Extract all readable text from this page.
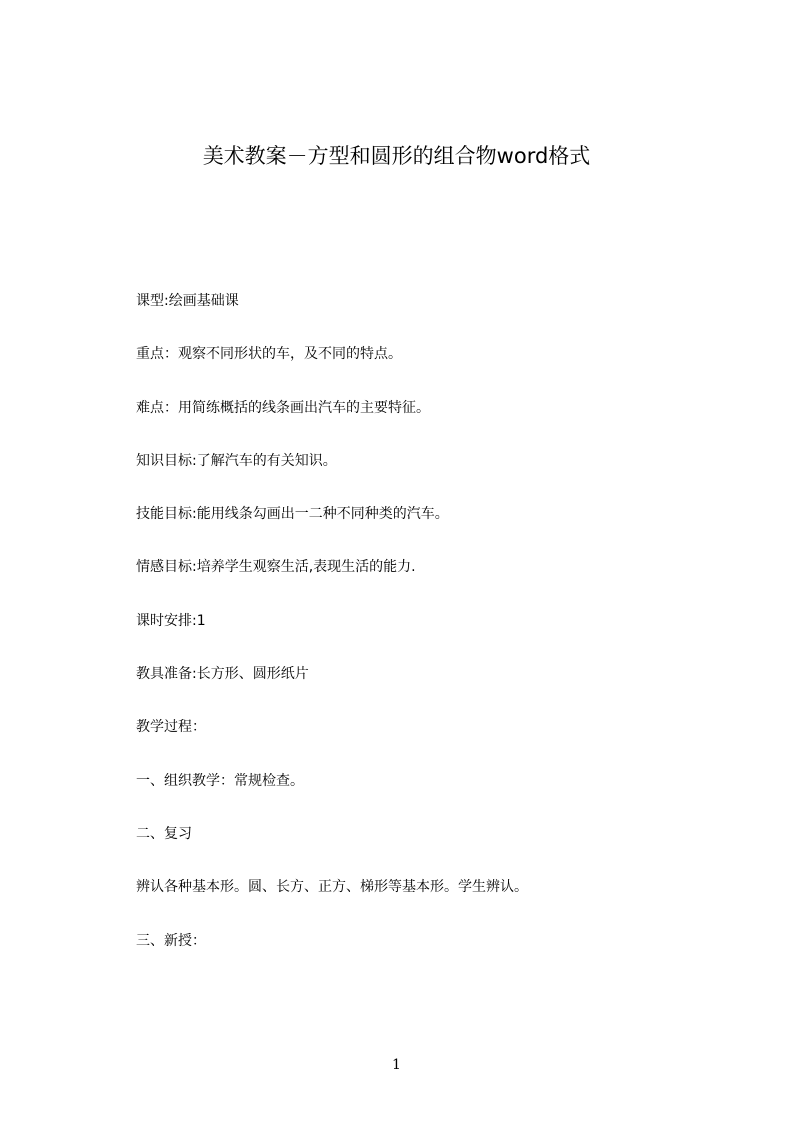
美术教案－方型和圆形的组合物word格式

课型:绘画基础课

重点：观察不同形状的车，及不同的特点。

难点：用简练概括的线条画出汽车的主要特征。

知识目标:了解汽车的有关知识。

技能目标:能用线条勾画出一二种不同种类的汽车。

情感目标:培养学生观察生活,表现生活的能力.

课时安排:1

教具准备:长方形、圆形纸片

教学过程：

一、组织教学：常规检查。

二、复习

辨认各种基本形。圆、长方、正方、梯形等基本形。学生辨认。

三、新授：

1
